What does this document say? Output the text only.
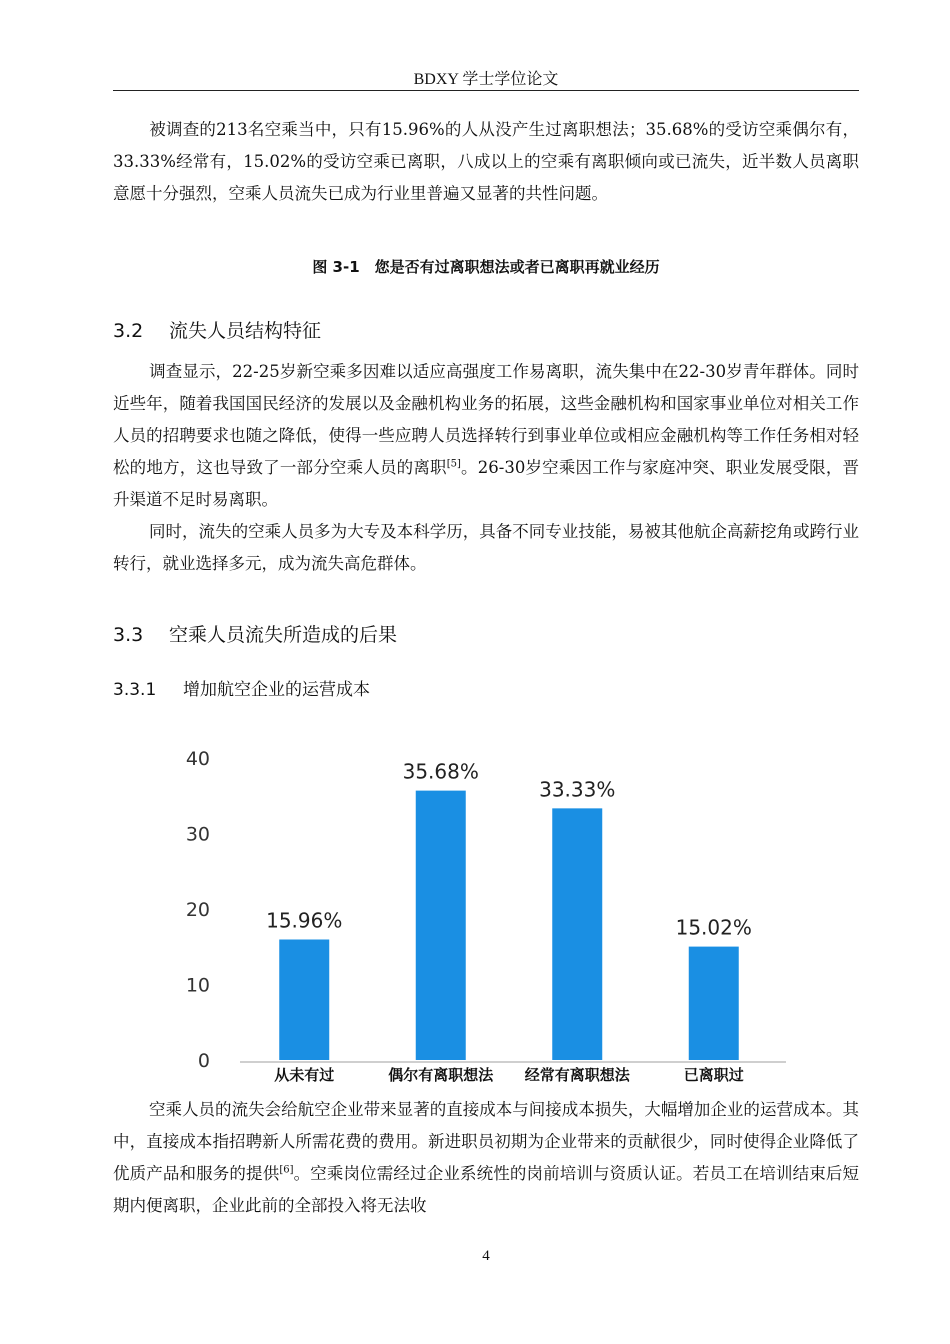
BDXY 学士学位论文

被调查的213名空乘当中，只有15.96%的人从没产生过离职想法；35.68%的受访空乘偶尔有，33.33%经常有，15.02%的受访空乘已离职，八成以上的空乘有离职倾向或已流失，近半数人员离职意愿十分强烈，空乘人员流失已成为行业里普遍又显著的共性问题。

图 3-1　您是否有过离职想法或者已离职再就业经历
3.2 流失人员结构特征

调查显示，22-25岁新空乘多因难以适应高强度工作易离职，流失集中在22-30岁青年群体。同时近些年，随着我国国民经济的发展以及金融机构业务的拓展，这些金融机构和国家事业单位对相关工作人员的招聘要求也随之降低，使得一些应聘人员选择转行到事业单位或相应金融机构等工作任务相对轻松的地方，这也导致了一部分空乘人员的离职[5]。26-30岁空乘因工作与家庭冲突、职业发展受限，晋升渠道不足时易离职。

同时，流失的空乘人员多为大专及本科学历，具备不同专业技能，易被其他航企高薪挖角或跨行业转行，就业选择多元，成为流失高危群体。

3.3 空乘人员流失所造成的后果
3.3.1 增加航空企业的运营成本
0
10
20
30
40
15.96%
从未有过
35.68%
偶尔有离职想法
33.33%
经常有离职想法
15.02%
已离职过

空乘人员的流失会给航空企业带来显著的直接成本与间接成本损失，大幅增加企业的运营成本。其中，直接成本指招聘新人所需花费的费用。新进职员初期为企业带来的贡献很少，同时使得企业降低了优质产品和服务的提供[6]。空乘岗位需经过企业系统性的岗前培训与资质认证。若员工在培训结束后短期内便离职，企业此前的全部投入将无法收

4
